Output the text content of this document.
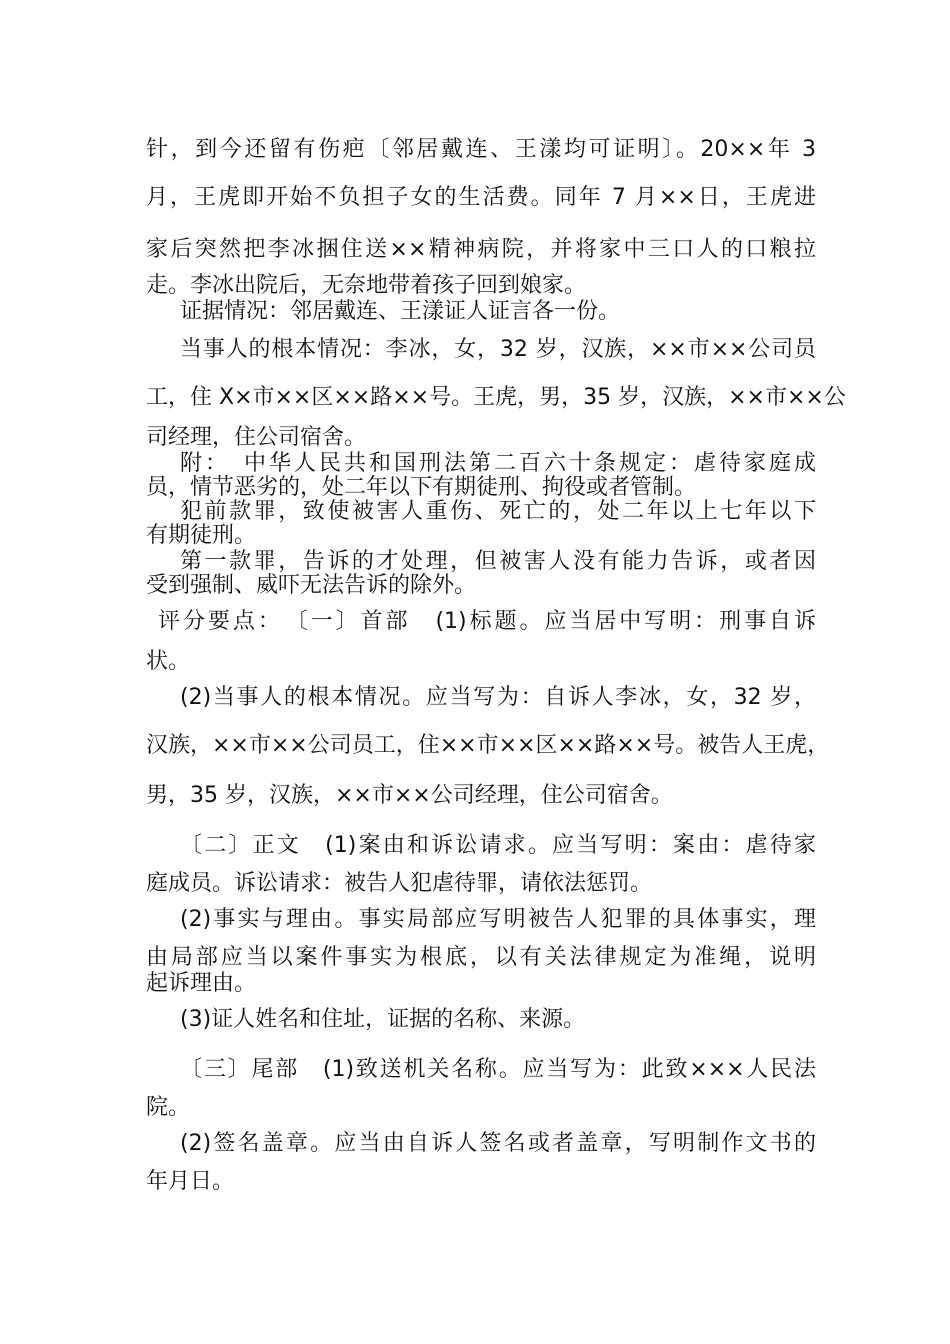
针，到今还留有伤疤〔邻居戴连、王漾均可证明〕。20××年 3
月，王虎即开始不负担子女的生活费。同年 7 月××日，王虎进
家后突然把李冰捆住送××精神病院，并将家中三口人的口粮拉
走。李冰出院后，无奈地带着孩子回到娘家。
证据情况：邻居戴连、王漾证人证言各一份。
当事人的根本情况：李冰，女，32 岁，汉族，××市××公司员
工，住 X×市××区××路××号。王虎，男，35 岁，汉族，××市××公
司经理，住公司宿舍。
附：　中华人民共和国刑法第二百六十条规定：虐待家庭成
员，情节恶劣的，处二年以下有期徒刑、拘役或者管制。
犯前款罪，致使被害人重伤、死亡的，处二年以上七年以下
有期徒刑。
第一款罪，告诉的才处理，但被害人没有能力告诉，或者因
受到强制、威吓无法告诉的除外。
评分要点：　〔一〕首部　(1)标题。应当居中写明：刑事自诉
状。
(2)当事人的根本情况。应当写为：自诉人李冰，女，32 岁，
汉族，××市××公司员工，住××市××区××路××号。被告人王虎，
男，35 岁，汉族，××市××公司经理，住公司宿舍。
〔二〕正文　(1)案由和诉讼请求。应当写明：案由：虐待家
庭成员。诉讼请求：被告人犯虐待罪，请依法惩罚。
(2)事实与理由。事实局部应写明被告人犯罪的具体事实，理
由局部应当以案件事实为根底，以有关法律规定为准绳，说明
起诉理由。
(3)证人姓名和住址，证据的名称、来源。
〔三〕尾部　(1)致送机关名称。应当写为：此致×××人民法
院。
(2)签名盖章。应当由自诉人签名或者盖章，写明制作文书的
年月日。
